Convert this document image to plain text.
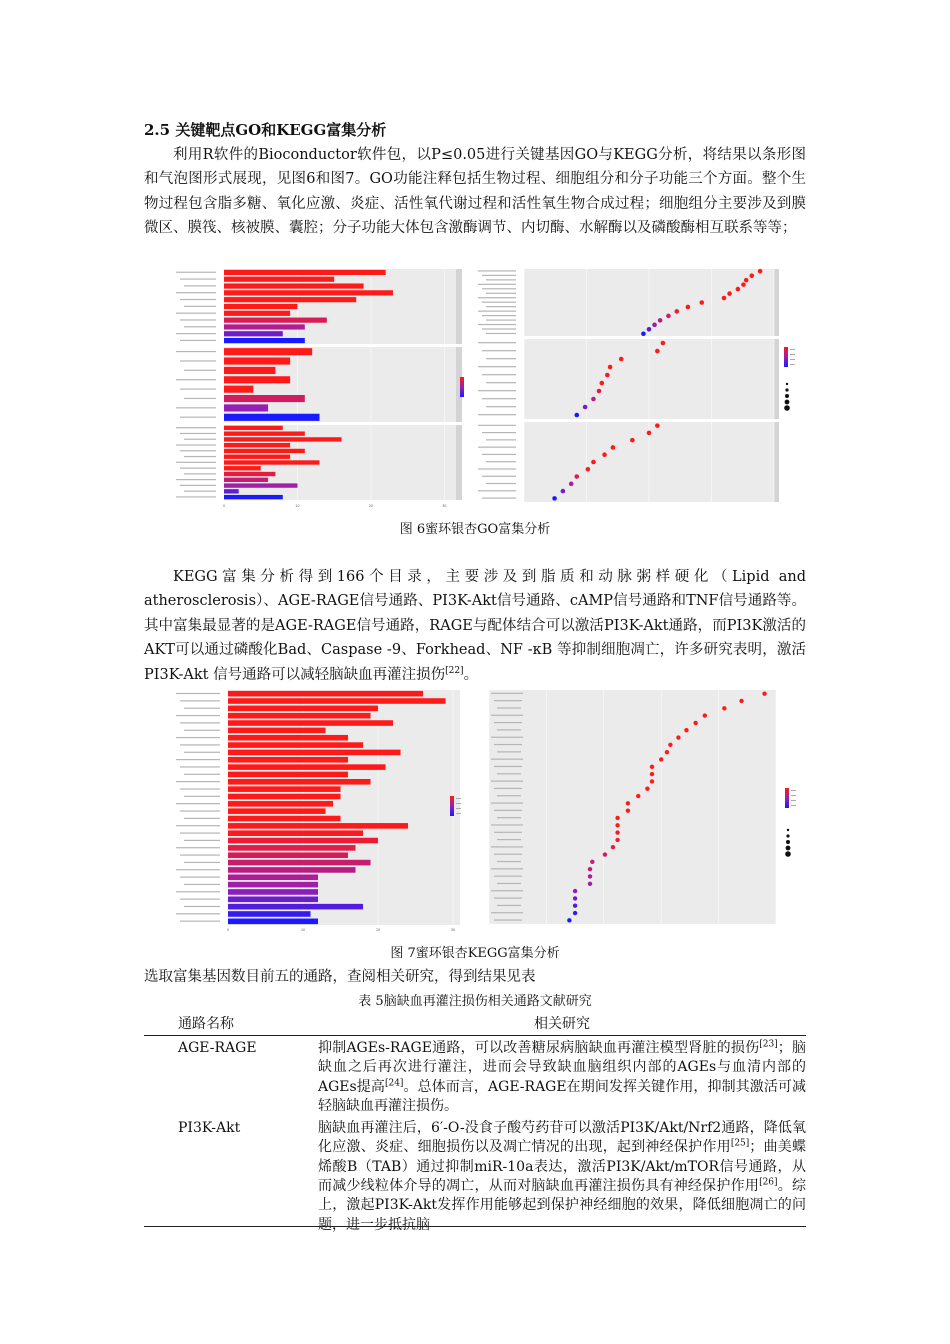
2.5 关键靶点GO和KEGG富集分析

利用R软件的Bioconductor软件包，以P≤0.05进行关键基因GO与KEGG分析，将结果以条形图和气泡图形式展现，见图6和图7。GO功能注释包括生物过程、细胞组分和分子功能三个方面。整个生物过程包含脂多糖、氧化应激、炎症、活性氧代谢过程和活性氧生物合成过程；细胞组分主要涉及到膜微区、膜筏、核被膜、囊腔；分子功能大体包含激酶调节、内切酶、水解酶以及磷酸酶相互联系等等；

0	10	20	30
图 6蜜环银杏GO富集分析

KEGG富集分析得到166个目录，主要涉及到脂质和动脉粥样硬化（Lipid and atherosclerosis）、AGE-RAGE信号通路、PI3K-Akt信号通路、cAMP信号通路和TNF信号通路等。其中富集最显著的是AGE-RAGE信号通路，RAGE与配体结合可以激活PI3K-Akt通路，而PI3K激活的AKT可以通过磷酸化Bad、Caspase -9、Forkhead、NF -κB 等抑制细胞凋亡，许多研究表明，激活PI3K-Akt 信号通路可以减轻脑缺血再灌注损伤[22]。

0	10	20	30
图 7蜜环银杏KEGG富集分析
选取富集基因数目前五的通路，查阅相关研究，得到结果见表
表 5脑缺血再灌注损伤相关通路文献研究
通路名称	相关研究
AGE-RAGE	抑制AGEs-RAGE通路，可以改善糖尿病脑缺血再灌注模型肾脏的损伤[23]；脑缺血之后再次进行灌注，进而会导致缺血脑组织内部的AGEs与血清内部的AGEs提高[24]。总体而言，AGE-RAGE在期间发挥关键作用，抑制其激活可减轻脑缺血再灌注损伤。
PI3K-Akt	脑缺血再灌注后，6′-O-没食子酸芍药苷可以激活PI3K/Akt/Nrf2通路，降低氧化应激、炎症、细胞损伤以及凋亡情况的出现，起到神经保护作用[25]；曲美蝶烯酸B（TAB）通过抑制miR-10a表达，激活PI3K/Akt/mTOR信号通路，从而减少线粒体介导的凋亡，从而对脑缺血再灌注损伤具有神经保护作用[26]。综上，激起PI3K-Akt发挥作用能够起到保护神经细胞的效果，降低细胞凋亡的问题，进一步抵抗脑
